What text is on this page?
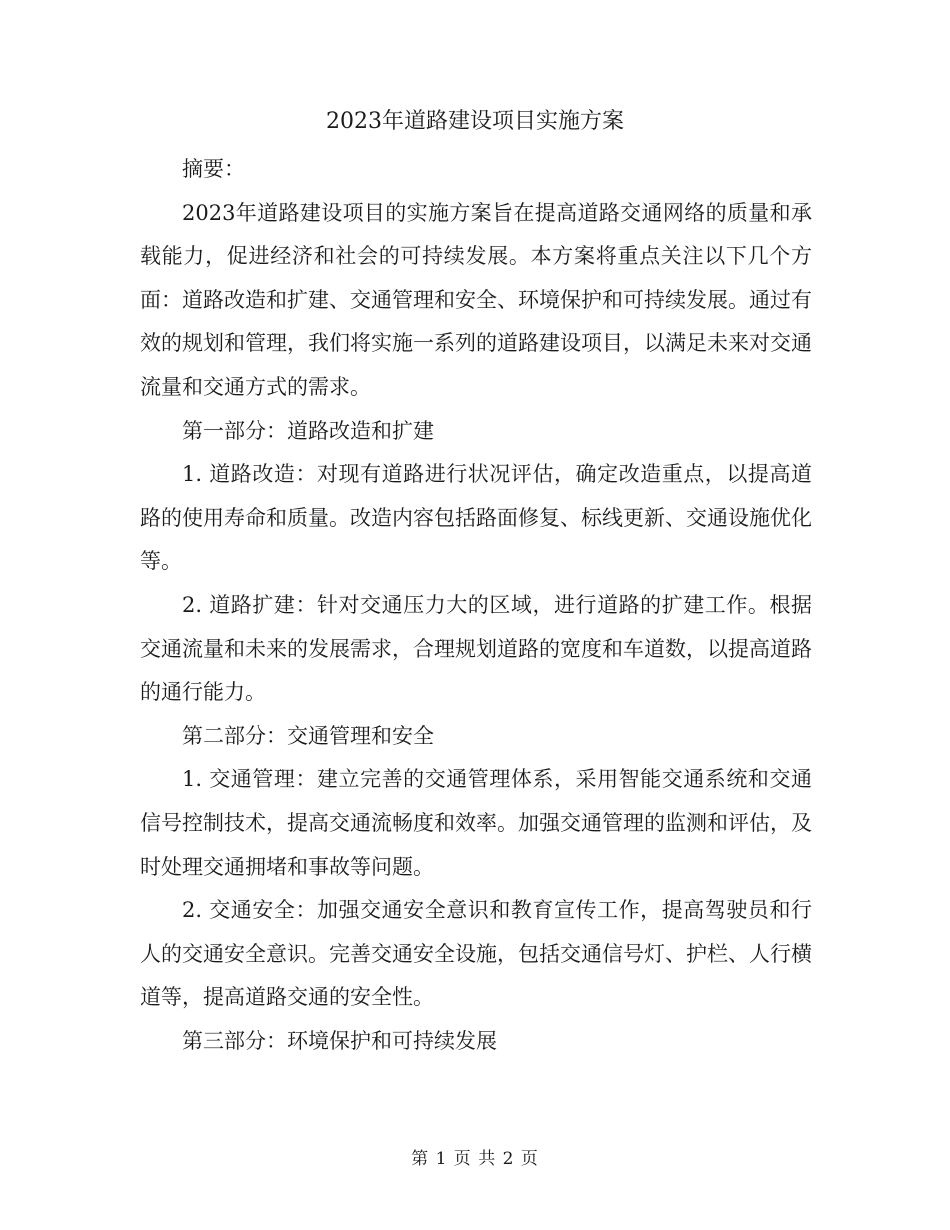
2023年道路建设项目实施方案

摘要：

2023年道路建设项目的实施方案旨在提高道路交通网络的质量和承载能力，促进经济和社会的可持续发展。本方案将重点关注以下几个方面：道路改造和扩建、交通管理和安全、环境保护和可持续发展。通过有效的规划和管理，我们将实施一系列的道路建设项目，以满足未来对交通流量和交通方式的需求。

第一部分：道路改造和扩建

1. 道路改造：对现有道路进行状况评估，确定改造重点，以提高道路的使用寿命和质量。改造内容包括路面修复、标线更新、交通设施优化等。

2. 道路扩建：针对交通压力大的区域，进行道路的扩建工作。根据交通流量和未来的发展需求，合理规划道路的宽度和车道数，以提高道路的通行能力。

第二部分：交通管理和安全

1. 交通管理：建立完善的交通管理体系，采用智能交通系统和交通信号控制技术，提高交通流畅度和效率。加强交通管理的监测和评估，及时处理交通拥堵和事故等问题。

2. 交通安全：加强交通安全意识和教育宣传工作，提高驾驶员和行人的交通安全意识。完善交通安全设施，包括交通信号灯、护栏、人行横道等，提高道路交通的安全性。

第三部分：环境保护和可持续发展

第 1 页 共 2 页
